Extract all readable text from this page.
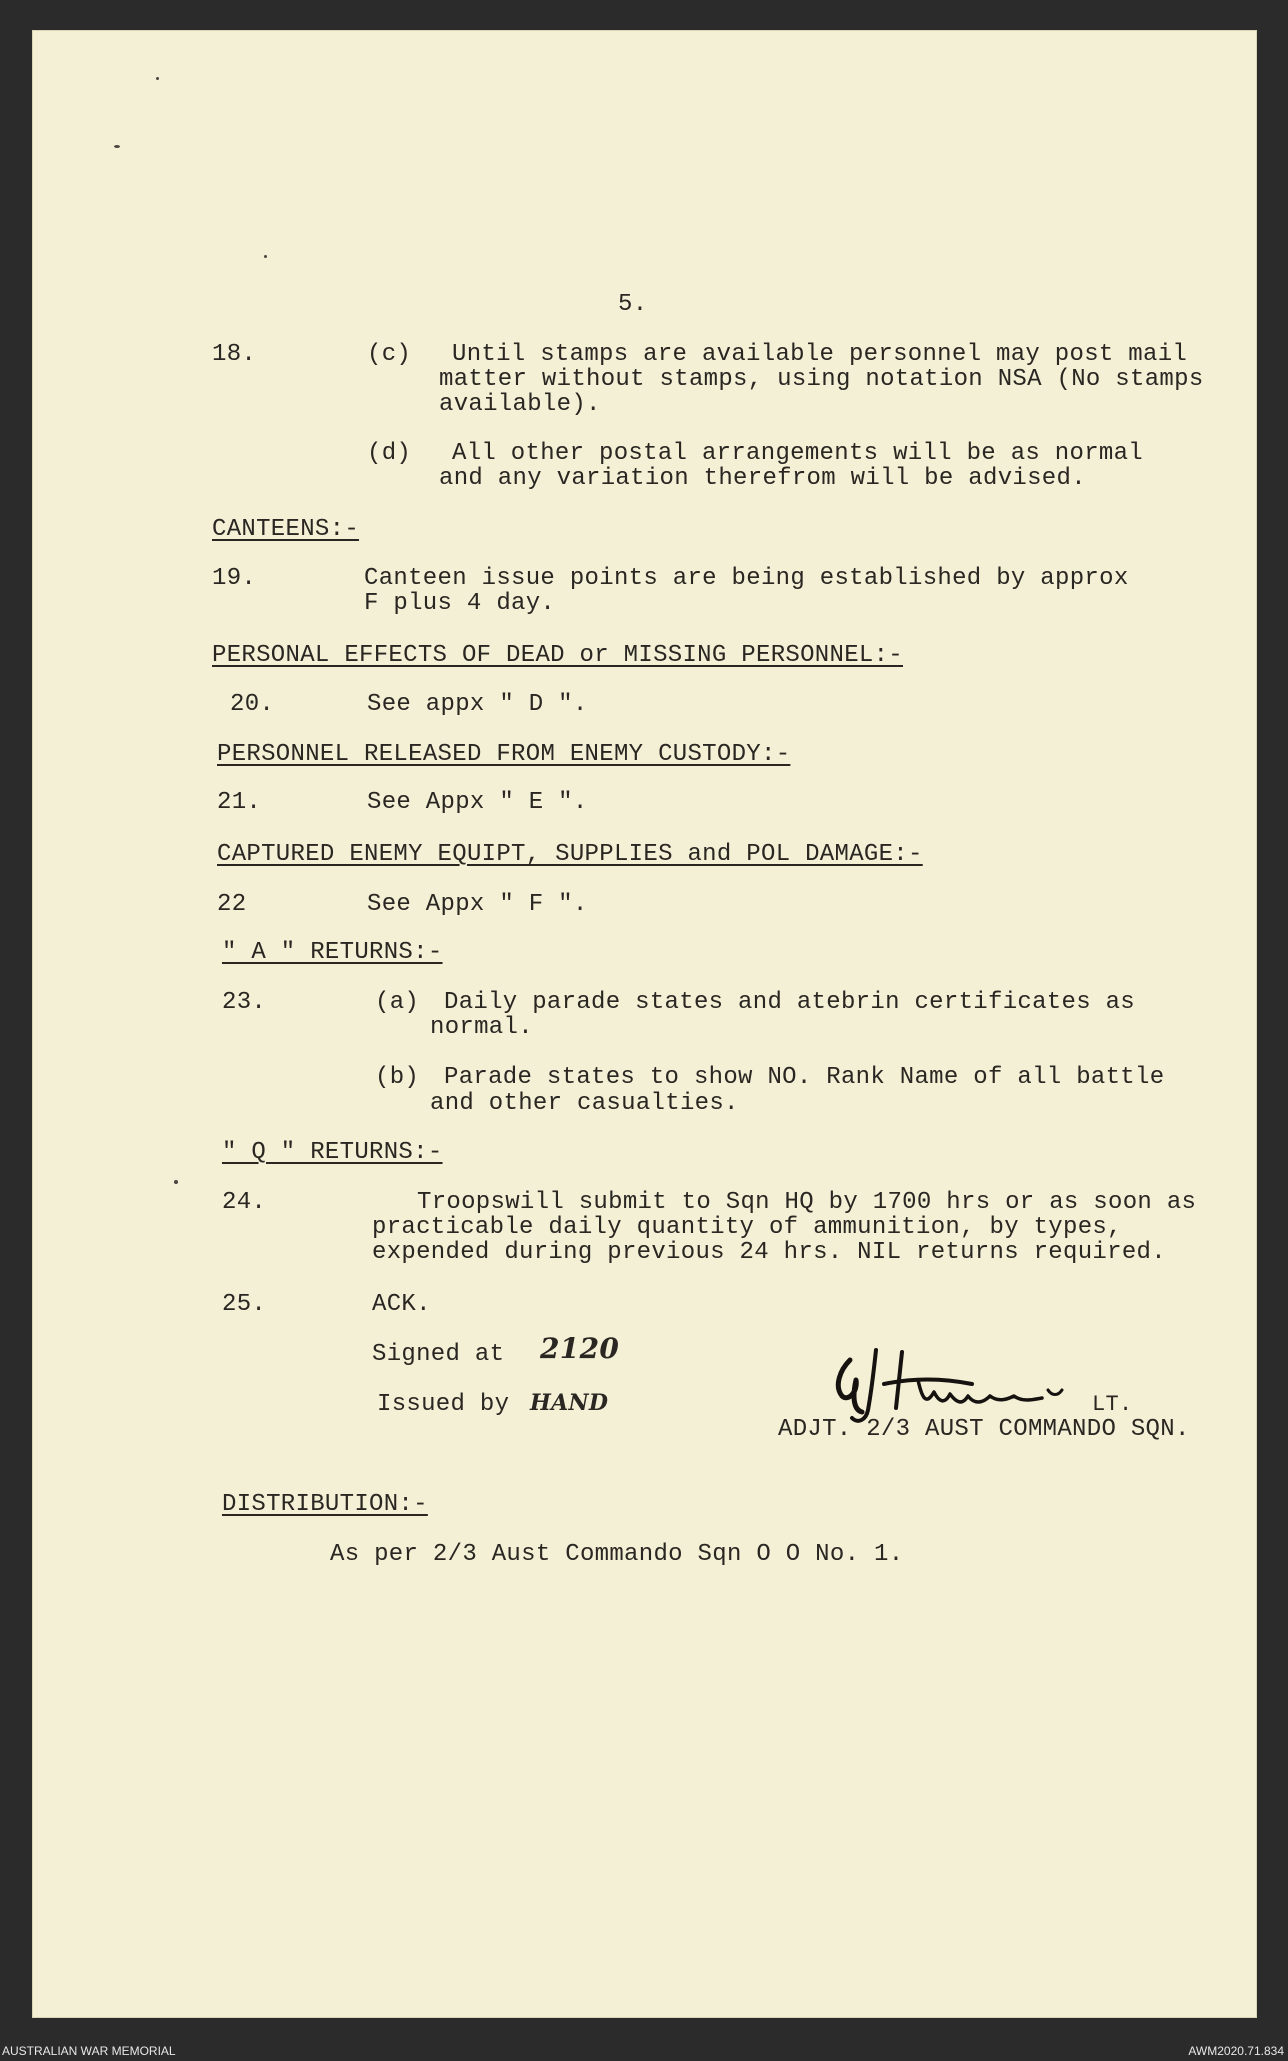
5.
18.	(c) Until stamps are available personnel may post mail
matter without stamps, using notation NSA (No stamps
available).
(d) All other postal arrangements will be as normal
and any variation therefrom will be advised.
CANTEENS:-
19.	Canteen issue points are being established by approx
F plus 4 day.
PERSONAL EFFECTS OF DEAD or MISSING PERSONNEL:-
20.	See appx " D ".
PERSONNEL RELEASED FROM ENEMY CUSTODY:-
21.	See Appx " E ".
CAPTURED ENEMY EQUIPT, SUPPLIES and POL DAMAGE:-
22	See Appx " F ".
" A " RETURNS:-
23.	(a) Daily parade states and atebrin certificates as
normal.
(b) Parade states to show NO. Rank Name of all battle
and other casualties.
" Q " RETURNS:-
24.	Troopswill submit to Sqn HQ by 1700 hrs or as soon as
practicable daily quantity of ammunition, by types,
expended during previous 24 hrs. NIL returns required.
25.	ACK.
Signed at 2120
Issued by HAND	LT.
ADJT. 2/3 AUST COMMANDO SQN.
DISTRIBUTION:-
As per 2/3 Aust Commando Sqn O O No. 1.
AUSTRALIAN WAR MEMORIAL	AWM2020.71.834
